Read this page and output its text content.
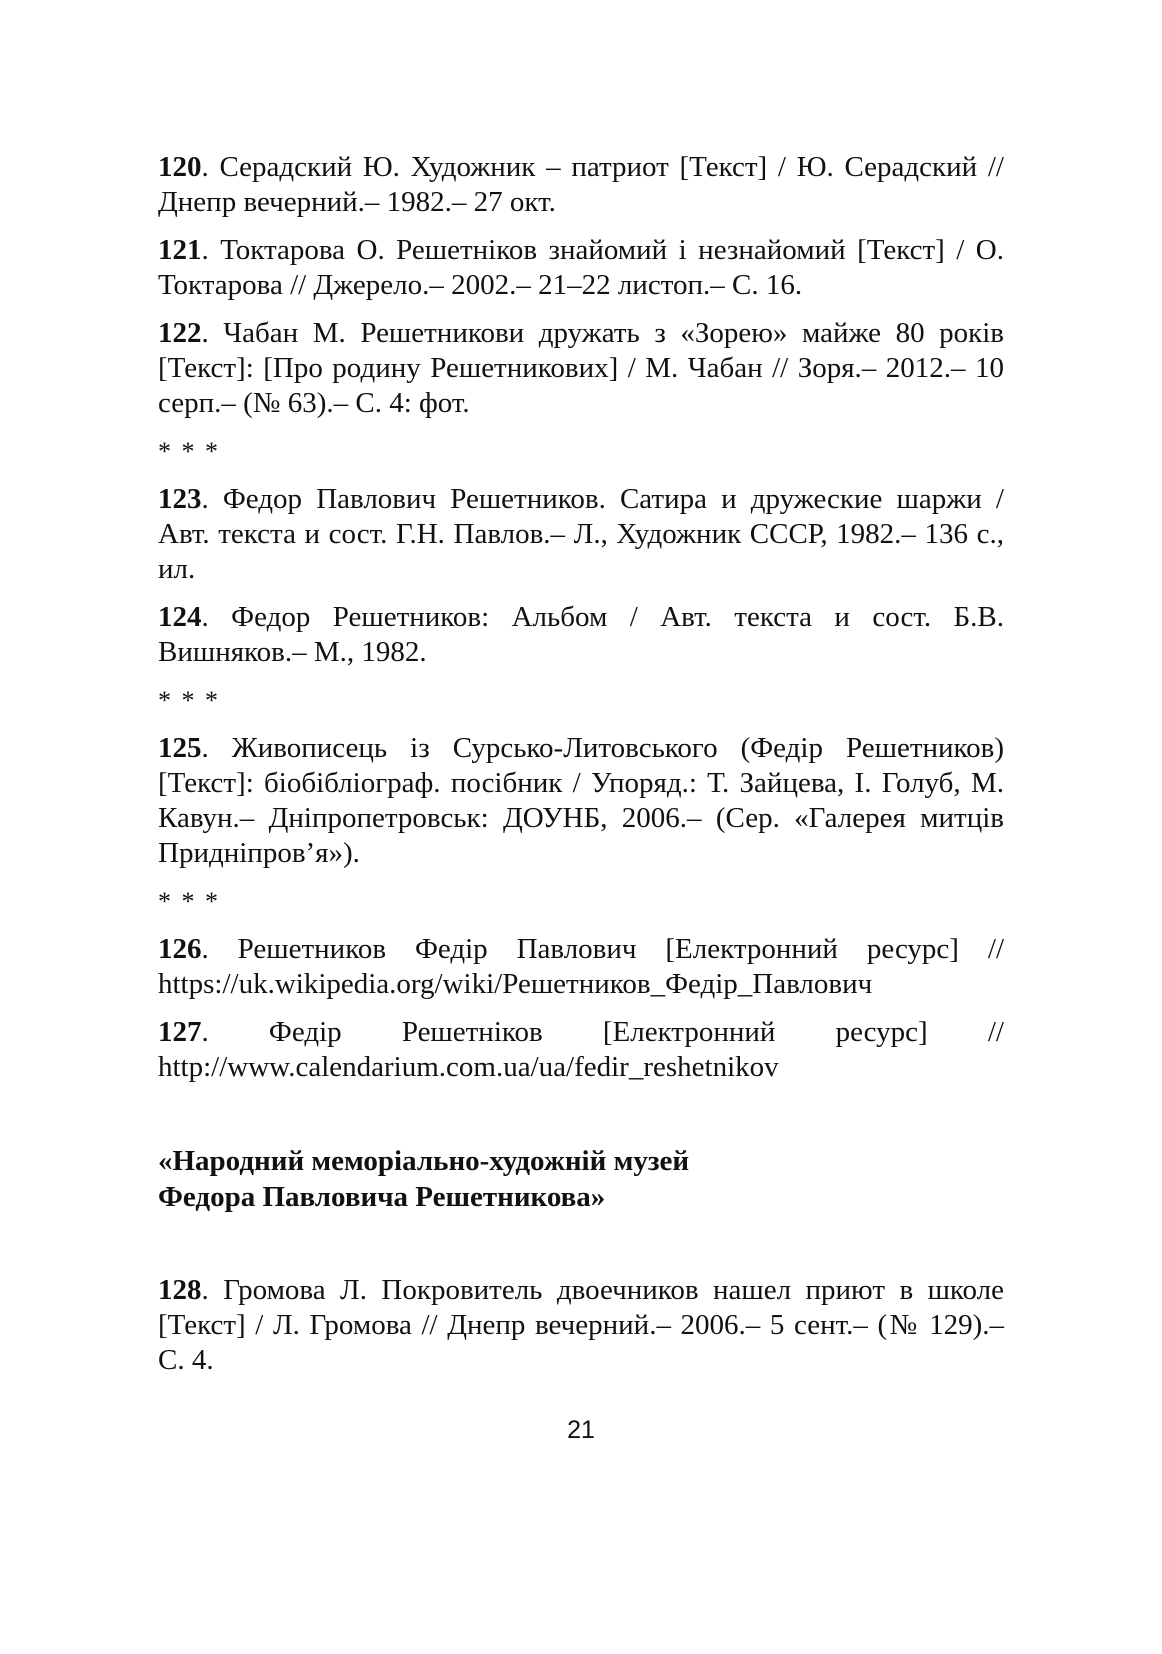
120. Серадский Ю. Художник – патриот [Текст] / Ю. Серадский // Днепр вечерний.– 1982.– 27 окт.

121. Токтарова О. Решетніков знайомий і незнайомий [Текст] / О. Токтарова // Джерело.– 2002.– 21–22 листоп.– С. 16.

122. Чабан М. Решетникови дружать з «Зорею» майже 80 років [Текст]: [Про родину Решетникових] / М. Чабан // Зоря.– 2012.– 10 серп.– (№ 63).– С. 4: фот.

* * *

123. Федор Павлович Решетников. Сатира и дружеские шаржи / Авт. текста и сост. Г.Н. Павлов.– Л., Художник СССР, 1982.– 136 с., ил.

124. Федор Решетников: Альбом / Авт. текста и сост. Б.В. Вишняков.– М., 1982.

* * *

125. Живописець із Сурсько-Литовського (Федір Решетников) [Текст]: біобібліограф. посібник / Упоряд.: Т. Зайцева, І. Голуб, М. Кавун.– Дніпропетровськ: ДОУНБ, 2006.– (Сер. «Галерея митців Придніпров’я»).

* * *

126. Решетников Федір Павлович [Електронний ресурс] // https://uk.wikipedia.org/wiki/Решетников_Федір_Павлович

127. Федір Решетніков [Електронний ресурс] // http://www.calendarium.com.ua/ua/fedir_reshetnikov

«Народний меморіально-художній музей
Федора Павловича Решетникова»

128. Громова Л. Покровитель двоечников нашел приют в школе [Текст] / Л. Громова // Днепр вечерний.– 2006.– 5 сент.– (№ 129).– С. 4.

21
